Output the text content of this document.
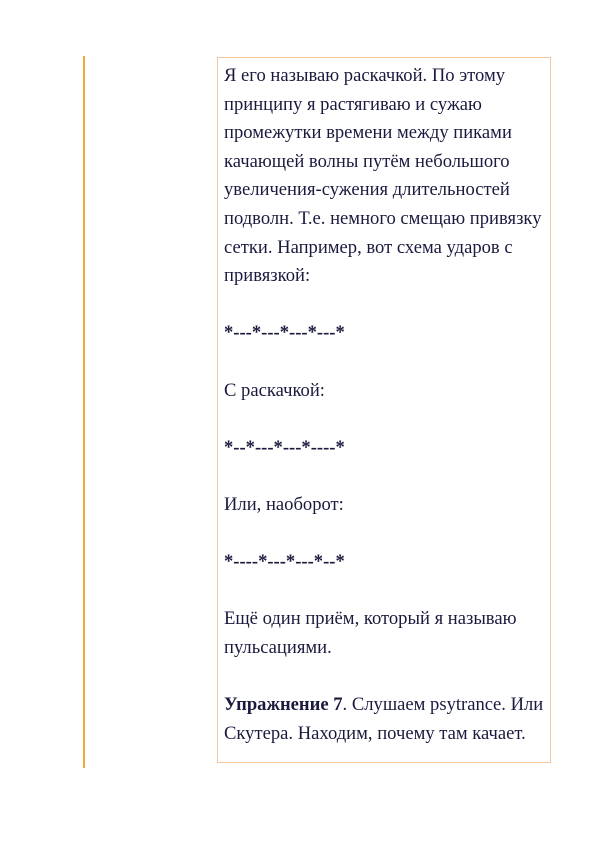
Я его называю раскачкой. По этому принципу я растягиваю и сужаю промежутки времени между пиками качающей волны путём небольшого увеличения-сужения длительностей подволн. Т.е. немного смещаю привязку сетки. Например, вот схема ударов с привязкой:

*---*---*---*---*

С раскачкой:

*--*---*---*----*

Или, наоборот:

*----*---*---*--*

Ещё один приём, который я называю пульсациями.

Упражнение 7. Слушаем psytrance. Или Скутера. Находим, почему там качает.
